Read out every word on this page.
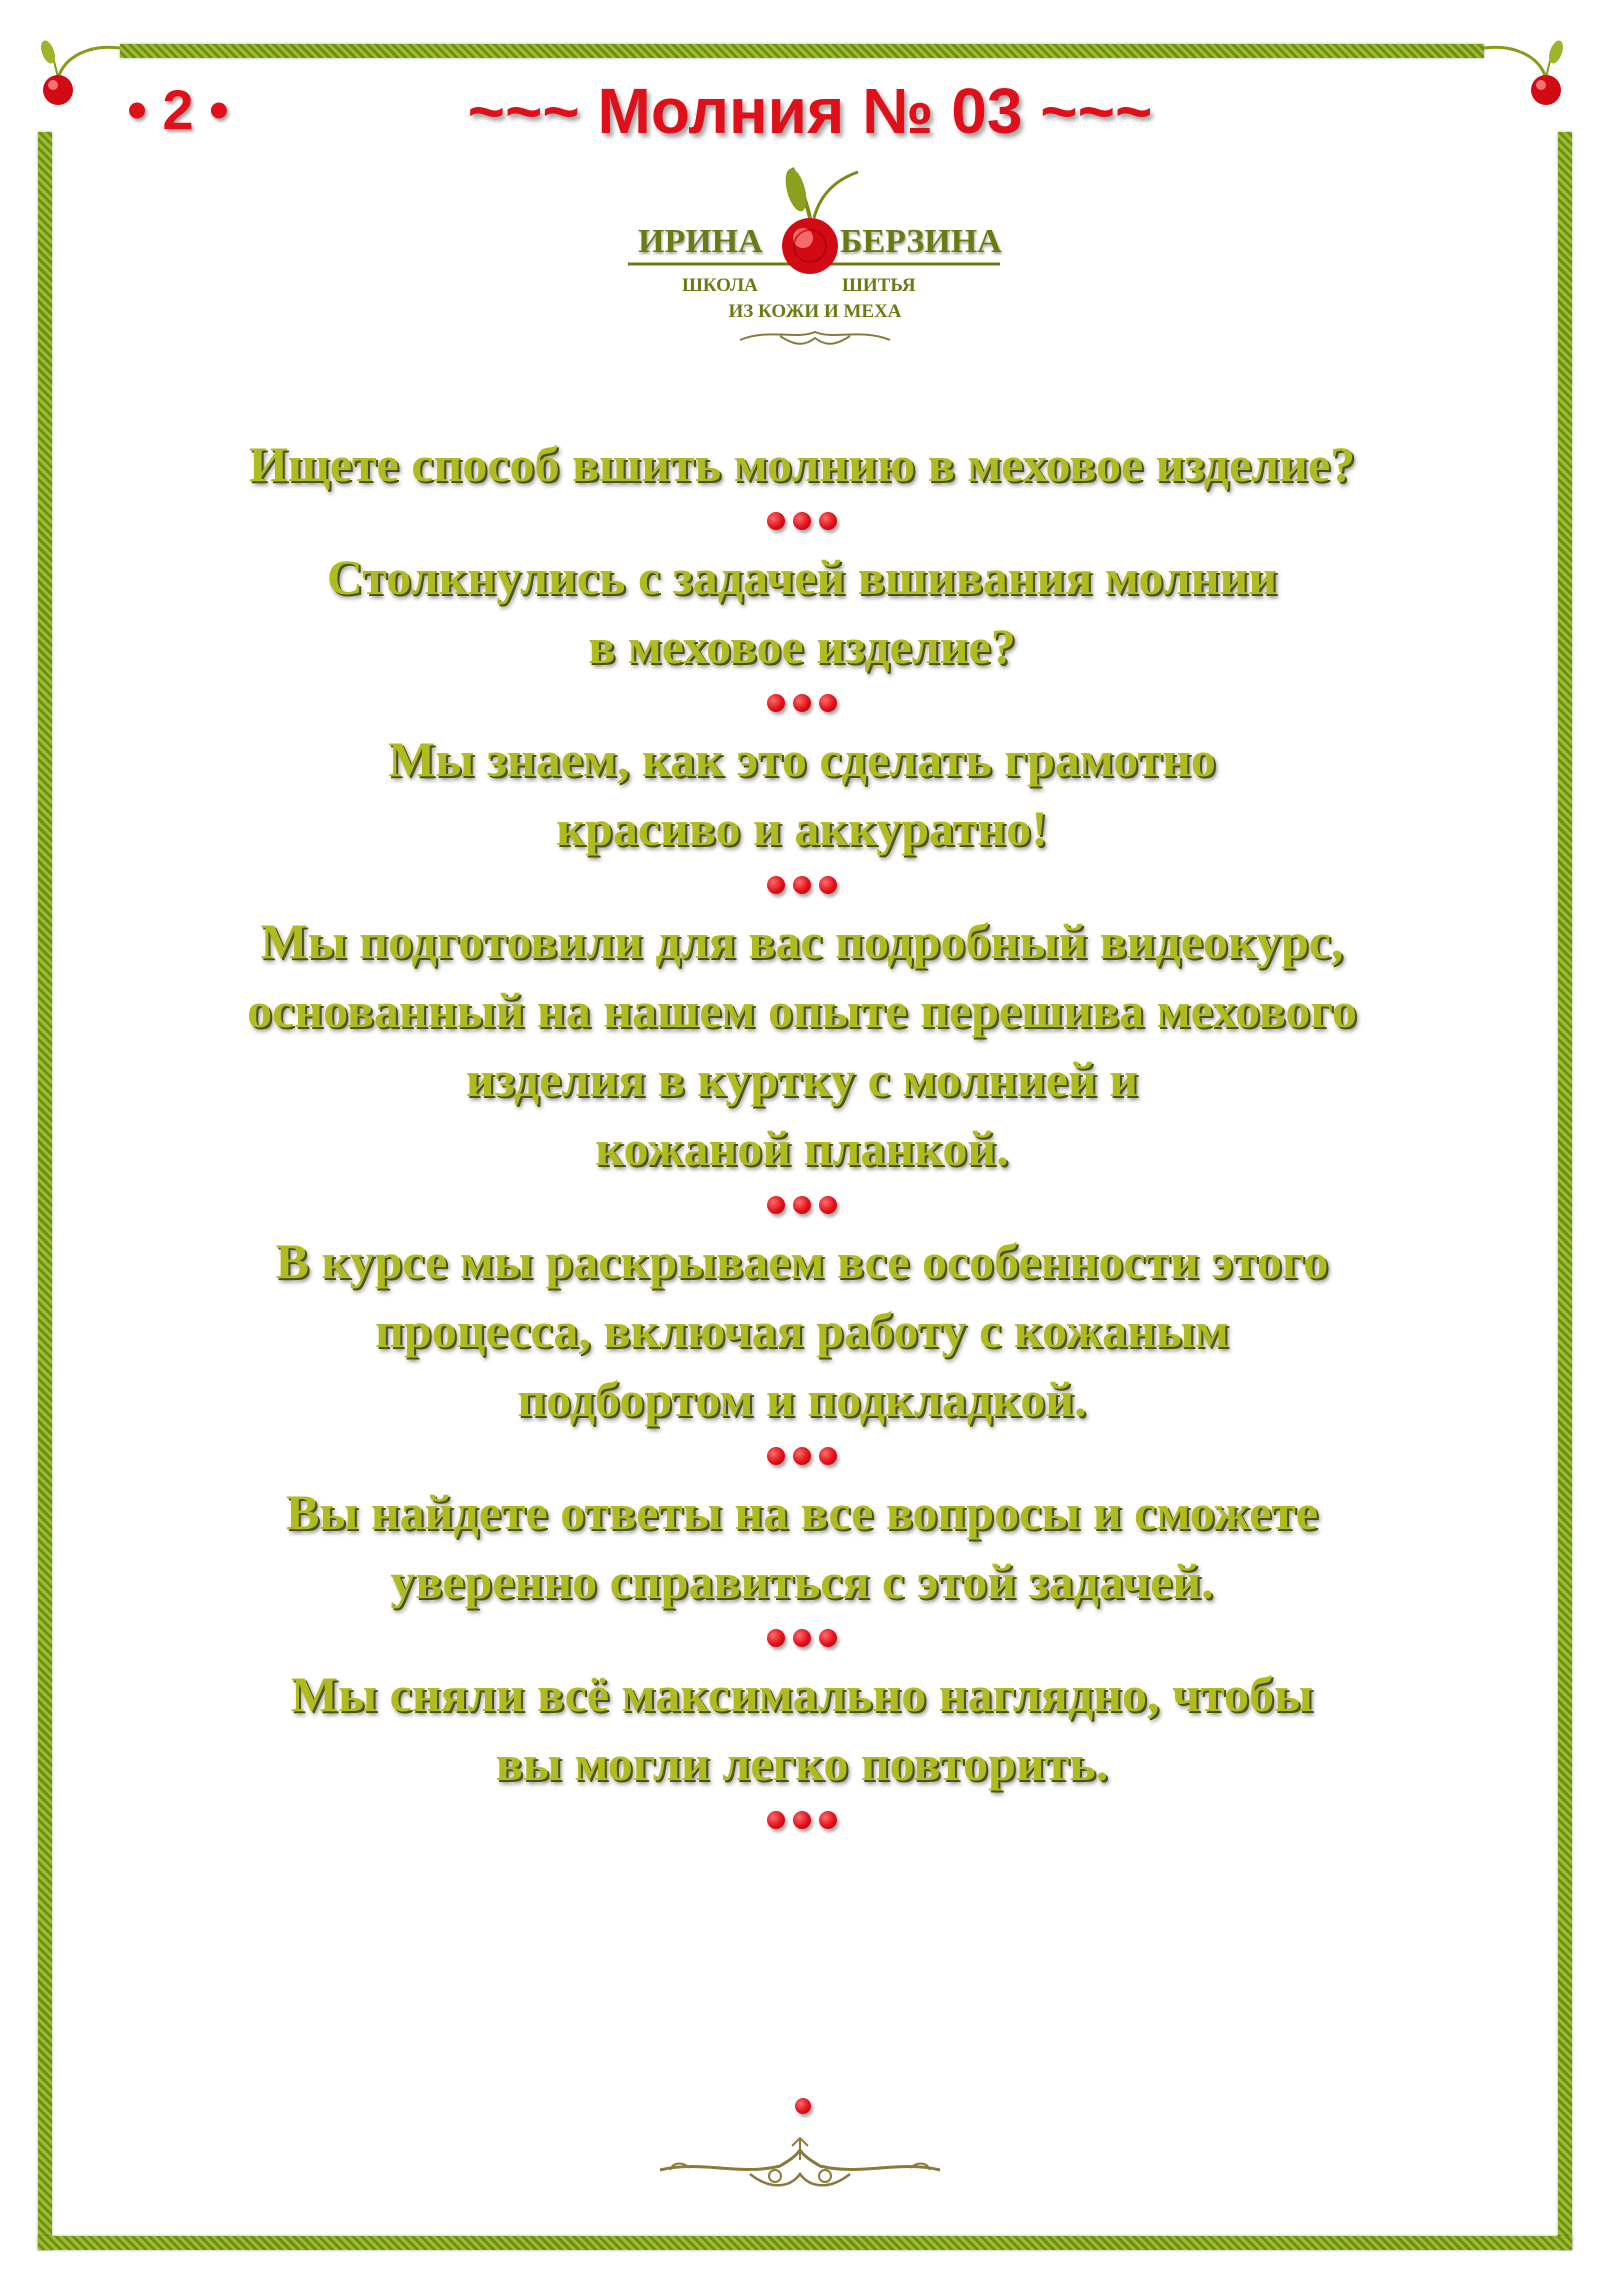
• 2 •	~~~ Молния № 03 ~~~
ИРИНА БЕРЗИНА
ШКОЛА	ШИТЬЯ
ИЗ КОЖИ И МЕХА

Ищете способ вшить молнию в меховое изделие?

Столкнулись с задачей вшивания молнии
в меховое изделие?

Мы знаем, как это сделать грамотно
красиво и аккуратно!

Мы подготовили для вас подробный видеокурс,
основанный на нашем опыте перешива мехового
изделия в куртку с молнией и
кожаной планкой.

В курсе мы раскрываем все особенности этого
процесса, включая работу с кожаным
подбортом и подкладкой.

Вы найдете ответы на все вопросы и сможете
уверенно справиться с этой задачей.

Мы сняли всё максимально наглядно, чтобы
вы могли легко повторить.
